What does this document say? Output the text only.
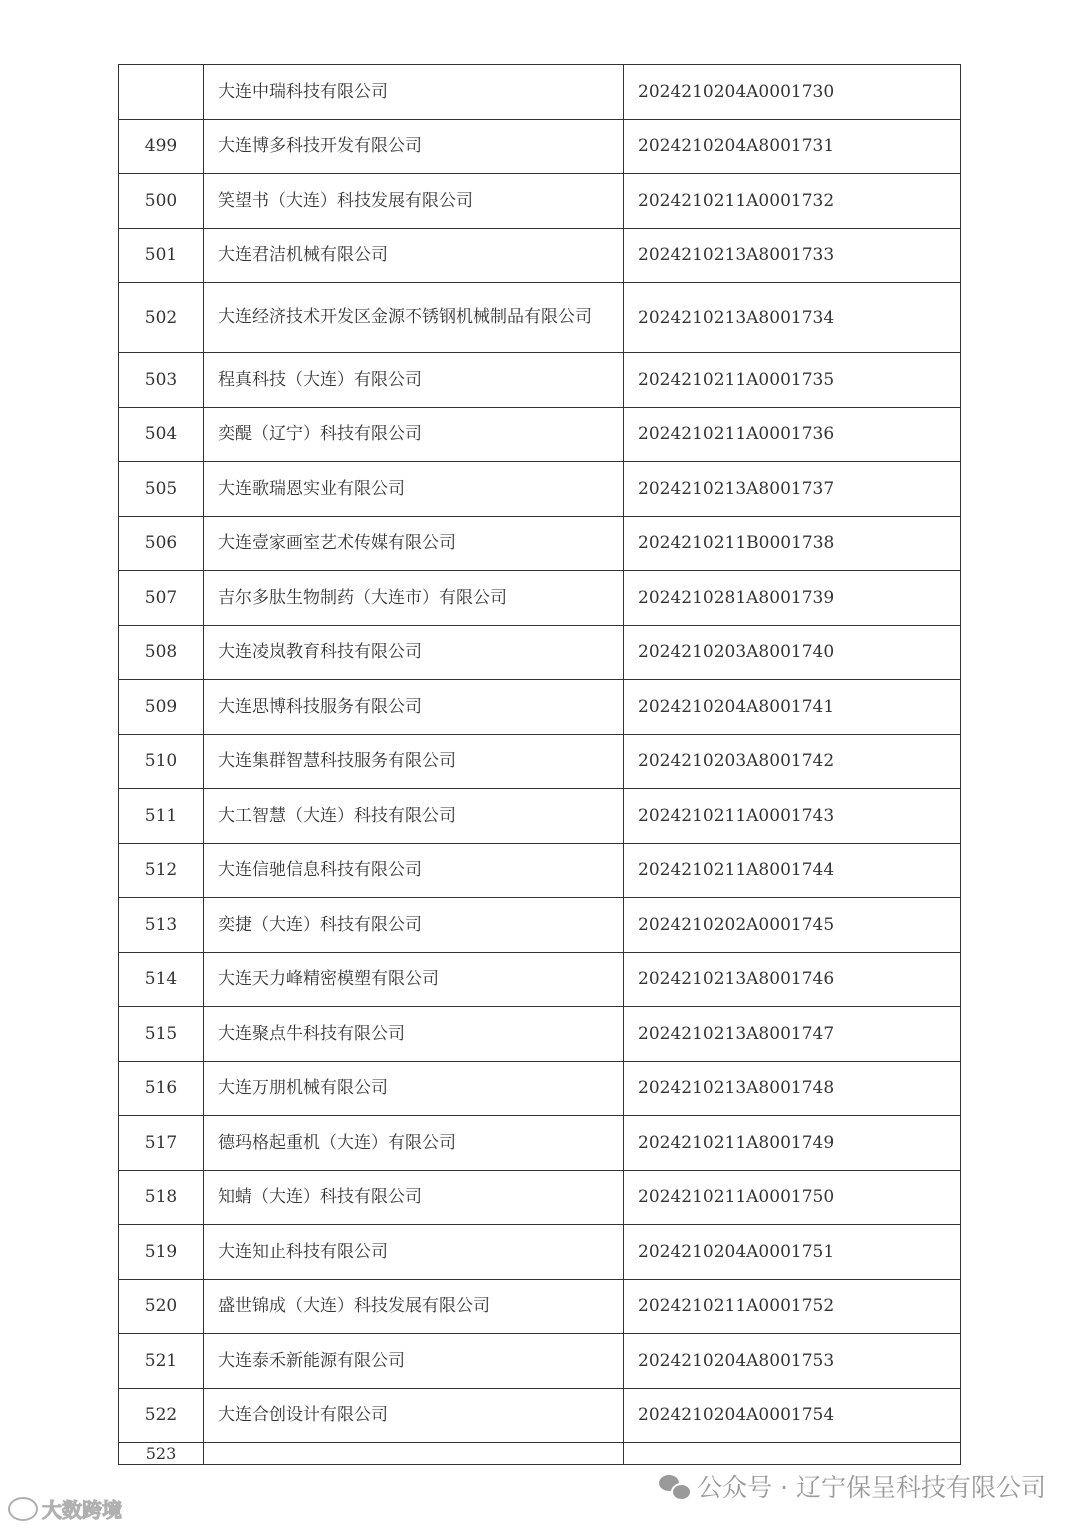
	大连中瑞科技有限公司	2024210204A0001730
499	大连博多科技开发有限公司	2024210204A8001731
500	笑望书（大连）科技发展有限公司	2024210211A0001732
501	大连君洁机械有限公司	2024210213A8001733
502	大连经济技术开发区金源不锈钢机械制品有限公司	2024210213A8001734
503	程真科技（大连）有限公司	2024210211A0001735
504	奕醍（辽宁）科技有限公司	2024210211A0001736
505	大连歌瑞恩实业有限公司	2024210213A8001737
506	大连壹家画室艺术传媒有限公司	2024210211B0001738
507	吉尔多肽生物制药（大连市）有限公司	2024210281A8001739
508	大连凌岚教育科技有限公司	2024210203A8001740
509	大连思博科技服务有限公司	2024210204A8001741
510	大连集群智慧科技服务有限公司	2024210203A8001742
511	大工智慧（大连）科技有限公司	2024210211A0001743
512	大连信驰信息科技有限公司	2024210211A8001744
513	奕捷（大连）科技有限公司	2024210202A0001745
514	大连天力峰精密模塑有限公司	2024210213A8001746
515	大连聚点牛科技有限公司	2024210213A8001747
516	大连万朋机械有限公司	2024210213A8001748
517	德玛格起重机（大连）有限公司	2024210211A8001749
518	知蜻（大连）科技有限公司	2024210211A0001750
519	大连知止科技有限公司	2024210204A0001751
520	盛世锦成（大连）科技发展有限公司	2024210211A0001752
521	大连泰禾新能源有限公司	2024210204A8001753
522	大连合创设计有限公司	2024210204A0001754
523		
公众号 · 辽宁保呈科技有限公司
大数跨境
